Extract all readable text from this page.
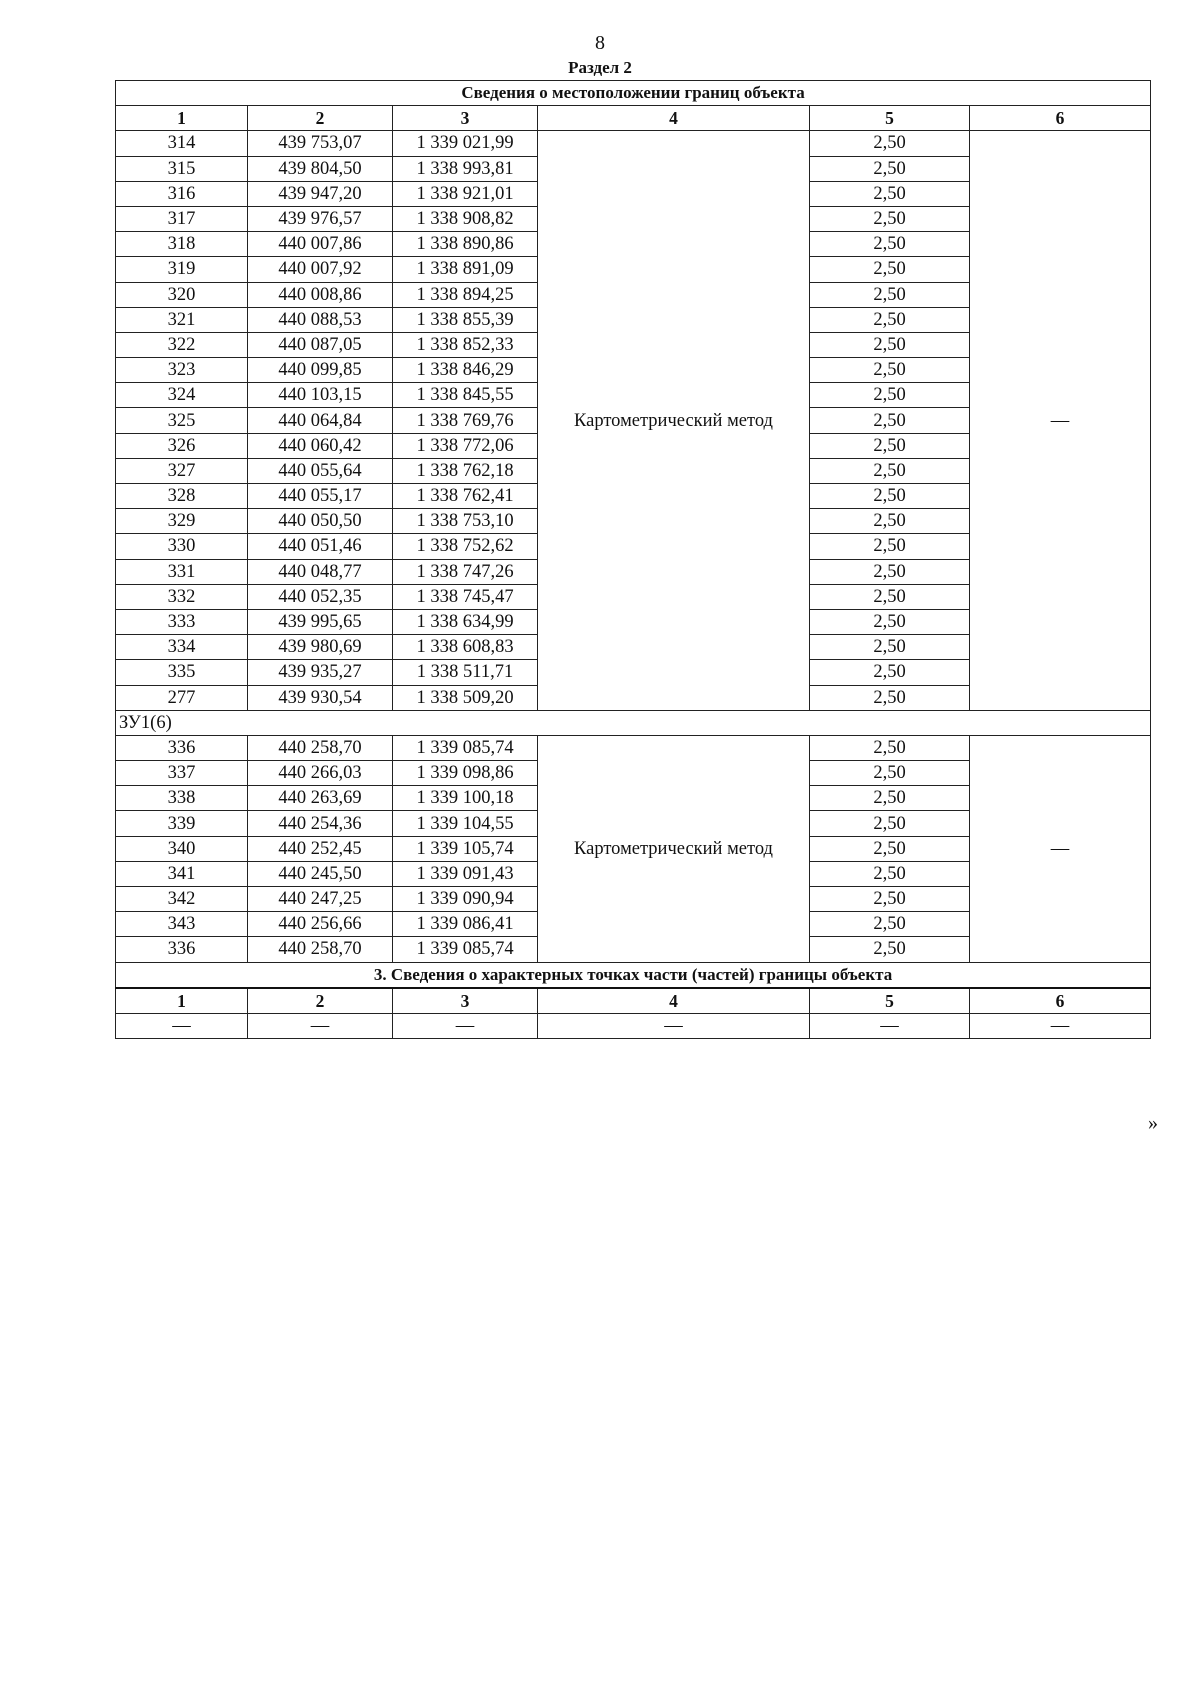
8
Раздел 2
Сведения о местоположении границ объекта					
1	2	3	4	5	6
314	439 753,07	1 339 021,99	Картометрический метод	2,50	—
315	439 804,50	1 338 993,81		2,50	
316	439 947,20	1 338 921,01		2,50	
317	439 976,57	1 338 908,82		2,50	
318	440 007,86	1 338 890,86		2,50	
319	440 007,92	1 338 891,09		2,50	
320	440 008,86	1 338 894,25		2,50	
321	440 088,53	1 338 855,39		2,50	
322	440 087,05	1 338 852,33		2,50	
323	440 099,85	1 338 846,29		2,50	
324	440 103,15	1 338 845,55		2,50	
325	440 064,84	1 338 769,76		2,50	
326	440 060,42	1 338 772,06		2,50	
327	440 055,64	1 338 762,18		2,50	
328	440 055,17	1 338 762,41		2,50	
329	440 050,50	1 338 753,10		2,50	
330	440 051,46	1 338 752,62		2,50	
331	440 048,77	1 338 747,26		2,50	
332	440 052,35	1 338 745,47		2,50	
333	439 995,65	1 338 634,99		2,50	
334	439 980,69	1 338 608,83		2,50	
335	439 935,27	1 338 511,71		2,50	
277	439 930,54	1 338 509,20		2,50	
ЗУ1(6)					
336	440 258,70	1 339 085,74	Картометрический метод	2,50	—
337	440 266,03	1 339 098,86		2,50	
338	440 263,69	1 339 100,18		2,50	
339	440 254,36	1 339 104,55		2,50	
340	440 252,45	1 339 105,74		2,50	
341	440 245,50	1 339 091,43		2,50	
342	440 247,25	1 339 090,94		2,50	
343	440 256,66	1 339 086,41		2,50	
336	440 258,70	1 339 085,74		2,50	
3. Сведения о характерных точках части (частей) границы объекта					
1	2	3	4	5	6
—	—	—	—	—	—
»
